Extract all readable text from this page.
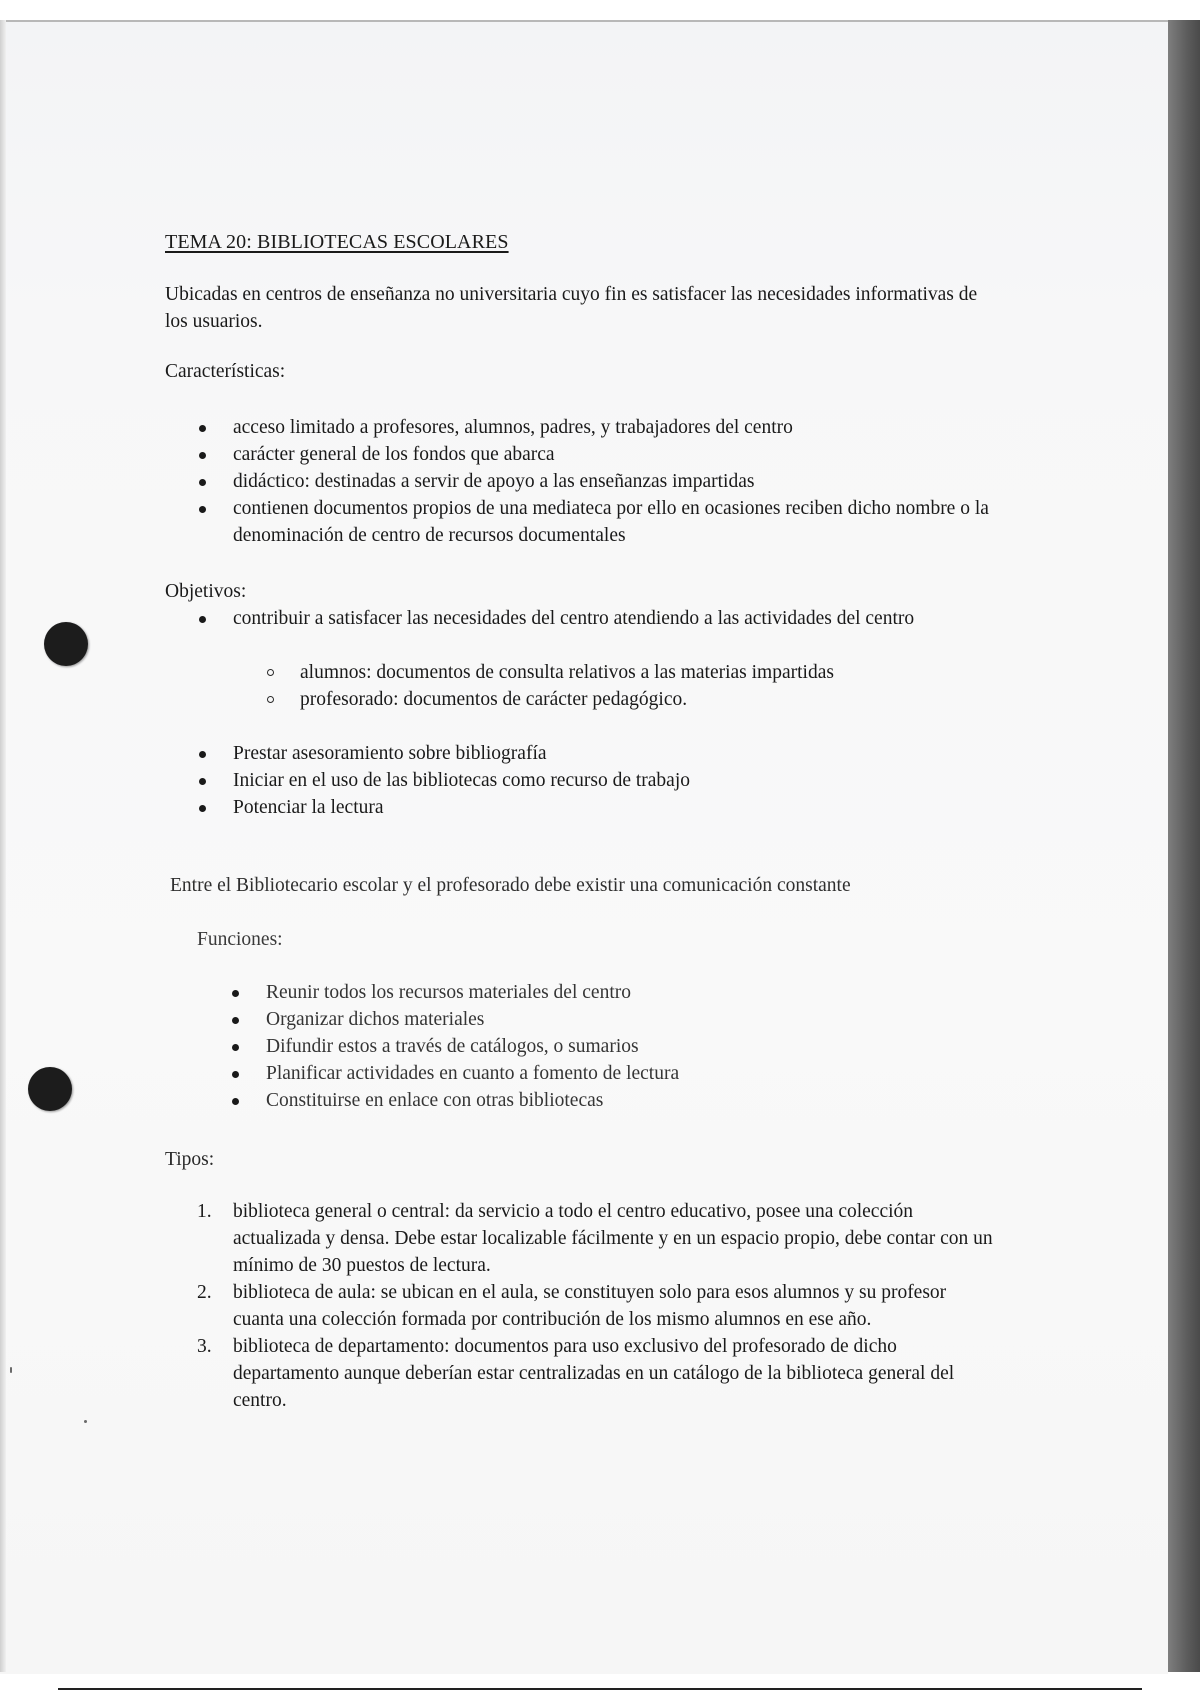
TEMA 20: BIBLIOTECAS ESCOLARES
Ubicadas en centros de enseñanza no universitaria cuyo fin es satisfacer las necesidades informativas de los usuarios.
Características:
acceso limitado a profesores, alumnos, padres, y trabajadores del centro
carácter general de los fondos que abarca
didáctico: destinadas a servir de apoyo a las enseñanzas impartidas
contienen documentos propios de una mediateca por ello en ocasiones reciben dicho nombre o la denominación de centro de recursos documentales
Objetivos:
contribuir a satisfacer las necesidades del centro atendiendo a las actividades del centro
alumnos: documentos de consulta relativos a las materias impartidas
profesorado: documentos de carácter pedagógico.
Prestar asesoramiento sobre bibliografía
Iniciar en el uso de las bibliotecas como recurso de trabajo
Potenciar la lectura
Entre el Bibliotecario escolar y el profesorado debe existir una comunicación constante
Funciones:
Reunir todos los recursos materiales del centro
Organizar dichos materiales
Difundir estos a través de catálogos, o sumarios
Planificar actividades en cuanto a fomento de lectura
Constituirse en enlace con otras bibliotecas
Tipos:
1.	biblioteca general o central: da servicio a todo el centro educativo, posee una colección actualizada y densa. Debe estar localizable fácilmente y en un espacio propio, debe contar con un mínimo de 30 puestos de lectura.
2.	biblioteca de aula: se ubican en el aula, se constituyen solo para esos alumnos y su profesor cuanta una colección formada por contribución de los mismo alumnos en ese año.
3.	biblioteca de departamento: documentos para uso exclusivo del profesorado de dicho departamento aunque deberían estar centralizadas en un catálogo de la biblioteca general del centro.
